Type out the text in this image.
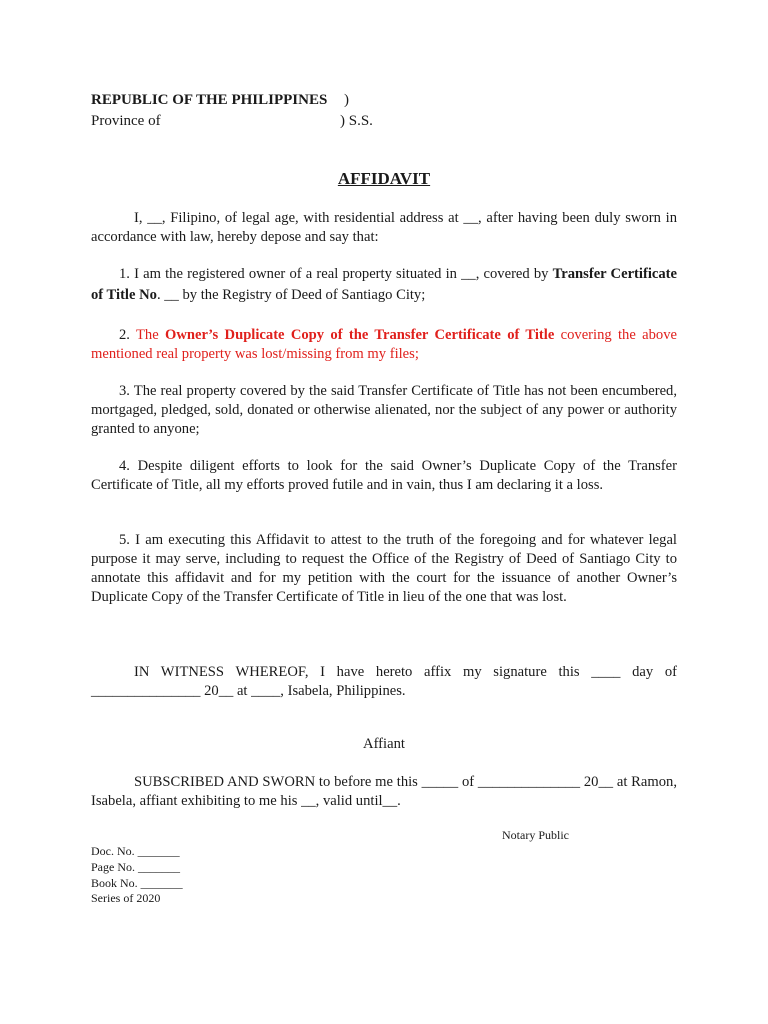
REPUBLIC OF THE PHILIPPINES )
Province of	) S.S.
AFFIDAVIT

I, __, Filipino, of legal age, with residential address at __, after having been duly sworn in accordance with law, hereby depose and say that:

1. I am the registered owner of a real property situated in __, covered by Transfer Certificate of Title No. __ by the Registry of Deed of Santiago City;

2. The Owner’s Duplicate Copy of the Transfer Certificate of Title covering the above mentioned real property was lost/missing from my files;

3. The real property covered by the said Transfer Certificate of Title has not been encumbered, mortgaged, pledged, sold, donated or otherwise alienated, nor the subject of any power or authority granted to anyone;

4. Despite diligent efforts to look for the said Owner’s Duplicate Copy of the Transfer Certificate of Title, all my efforts proved futile and in vain, thus I am declaring it a loss.

5. I am executing this Affidavit to attest to the truth of the foregoing and for whatever legal purpose it may serve, including to request the Office of the Registry of Deed of Santiago City to annotate this affidavit and for my petition with the court for the issuance of another Owner’s Duplicate Copy of the Transfer Certificate of Title in lieu of the one that was lost.

IN WITNESS WHEREOF, I have hereto affix my signature this ____ day of _______________ 20__ at ____, Isabela, Philippines.

Affiant

SUBSCRIBED AND SWORN to before me this _____ of ______________ 20__ at Ramon, Isabela, affiant exhibiting to me his __, valid until__.

Notary Public
Doc. No. _______
Page No. _______
Book No. _______
Series of 2020
